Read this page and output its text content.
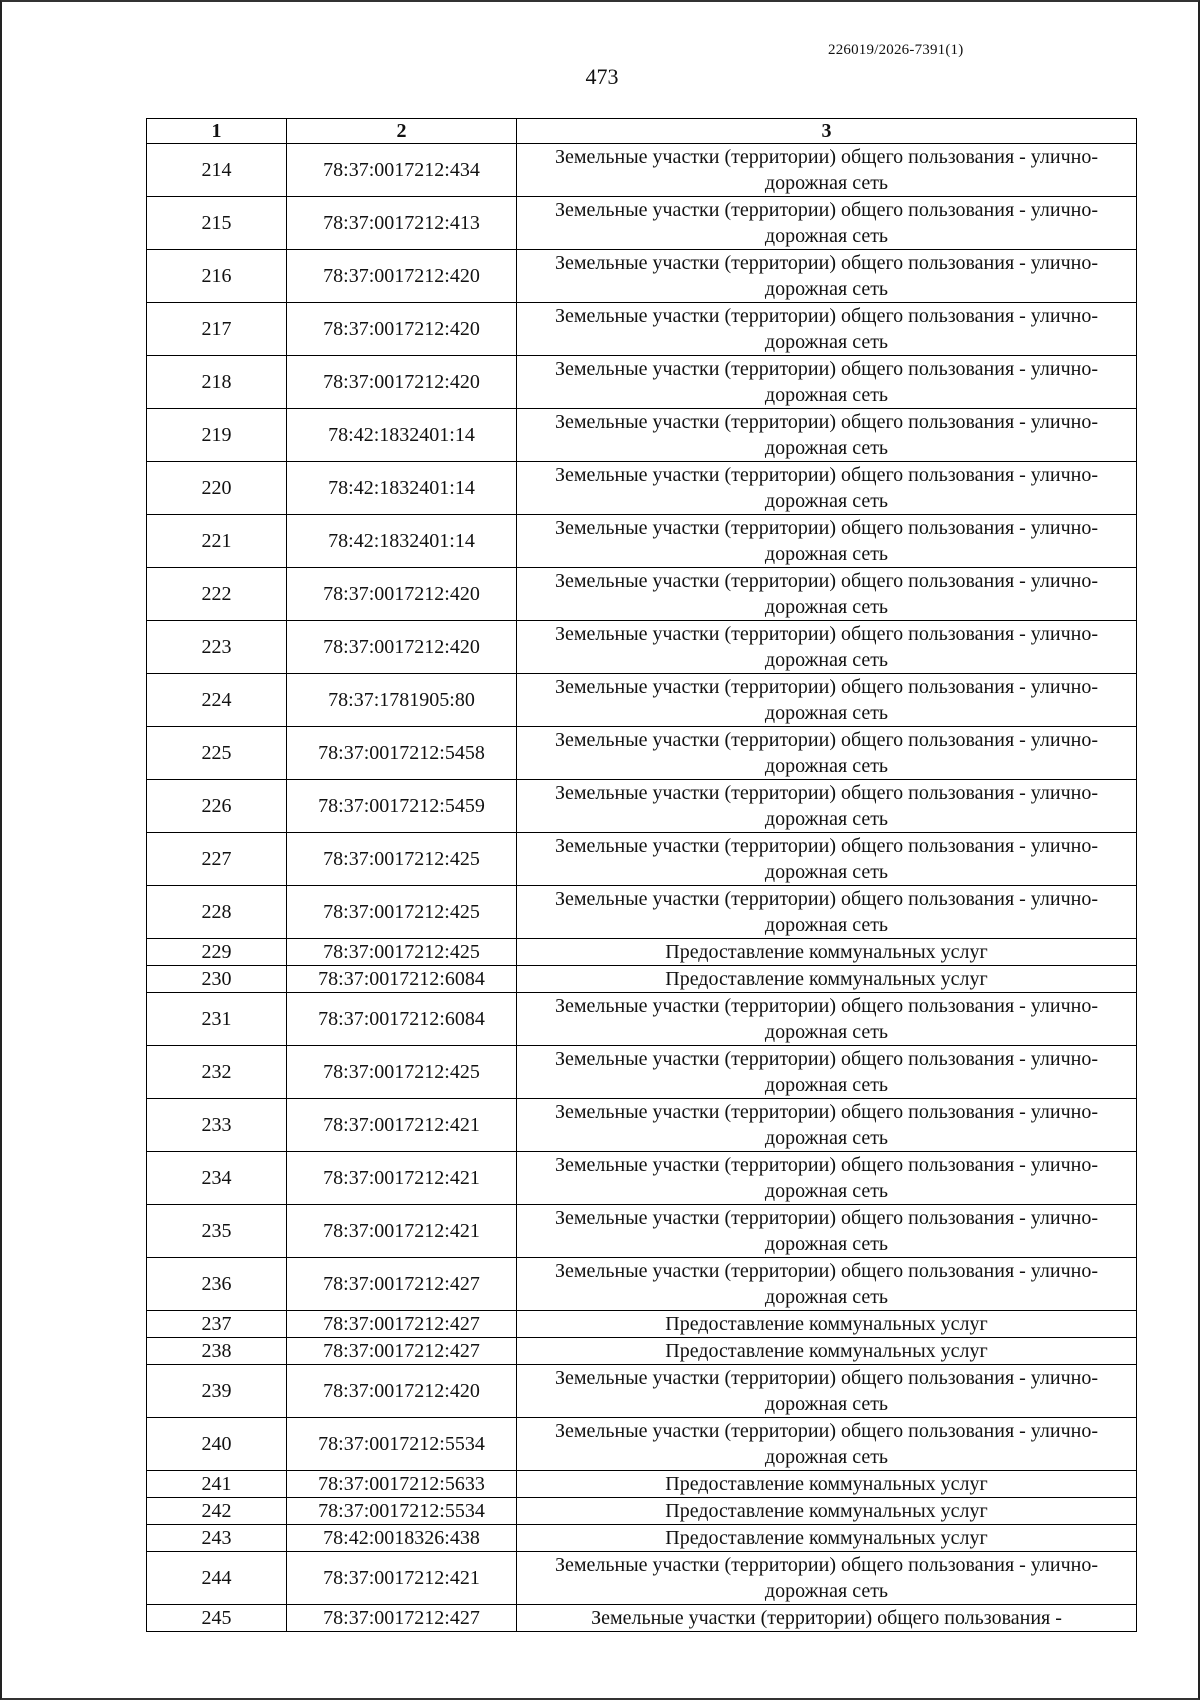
226019/2026-7391(1)
473
1	2	3
214	78:37:0017212:434	Земельные участки (территории) общего пользования - улично-дорожная сеть
215	78:37:0017212:413	Земельные участки (территории) общего пользования - улично-дорожная сеть
216	78:37:0017212:420	Земельные участки (территории) общего пользования - улично-дорожная сеть
217	78:37:0017212:420	Земельные участки (территории) общего пользования - улично-дорожная сеть
218	78:37:0017212:420	Земельные участки (территории) общего пользования - улично-дорожная сеть
219	78:42:1832401:14	Земельные участки (территории) общего пользования - улично-дорожная сеть
220	78:42:1832401:14	Земельные участки (территории) общего пользования - улично-дорожная сеть
221	78:42:1832401:14	Земельные участки (территории) общего пользования - улично-дорожная сеть
222	78:37:0017212:420	Земельные участки (территории) общего пользования - улично-дорожная сеть
223	78:37:0017212:420	Земельные участки (территории) общего пользования - улично-дорожная сеть
224	78:37:1781905:80	Земельные участки (территории) общего пользования - улично-дорожная сеть
225	78:37:0017212:5458	Земельные участки (территории) общего пользования - улично-дорожная сеть
226	78:37:0017212:5459	Земельные участки (территории) общего пользования - улично-дорожная сеть
227	78:37:0017212:425	Земельные участки (территории) общего пользования - улично-дорожная сеть
228	78:37:0017212:425	Земельные участки (территории) общего пользования - улично-дорожная сеть
229	78:37:0017212:425	Предоставление коммунальных услуг
230	78:37:0017212:6084	Предоставление коммунальных услуг
231	78:37:0017212:6084	Земельные участки (территории) общего пользования - улично-дорожная сеть
232	78:37:0017212:425	Земельные участки (территории) общего пользования - улично-дорожная сеть
233	78:37:0017212:421	Земельные участки (территории) общего пользования - улично-дорожная сеть
234	78:37:0017212:421	Земельные участки (территории) общего пользования - улично-дорожная сеть
235	78:37:0017212:421	Земельные участки (территории) общего пользования - улично-дорожная сеть
236	78:37:0017212:427	Земельные участки (территории) общего пользования - улично-дорожная сеть
237	78:37:0017212:427	Предоставление коммунальных услуг
238	78:37:0017212:427	Предоставление коммунальных услуг
239	78:37:0017212:420	Земельные участки (территории) общего пользования - улично-дорожная сеть
240	78:37:0017212:5534	Земельные участки (территории) общего пользования - улично-дорожная сеть
241	78:37:0017212:5633	Предоставление коммунальных услуг
242	78:37:0017212:5534	Предоставление коммунальных услуг
243	78:42:0018326:438	Предоставление коммунальных услуг
244	78:37:0017212:421	Земельные участки (территории) общего пользования - улично-дорожная сеть
245	78:37:0017212:427	Земельные участки (территории) общего пользования -
